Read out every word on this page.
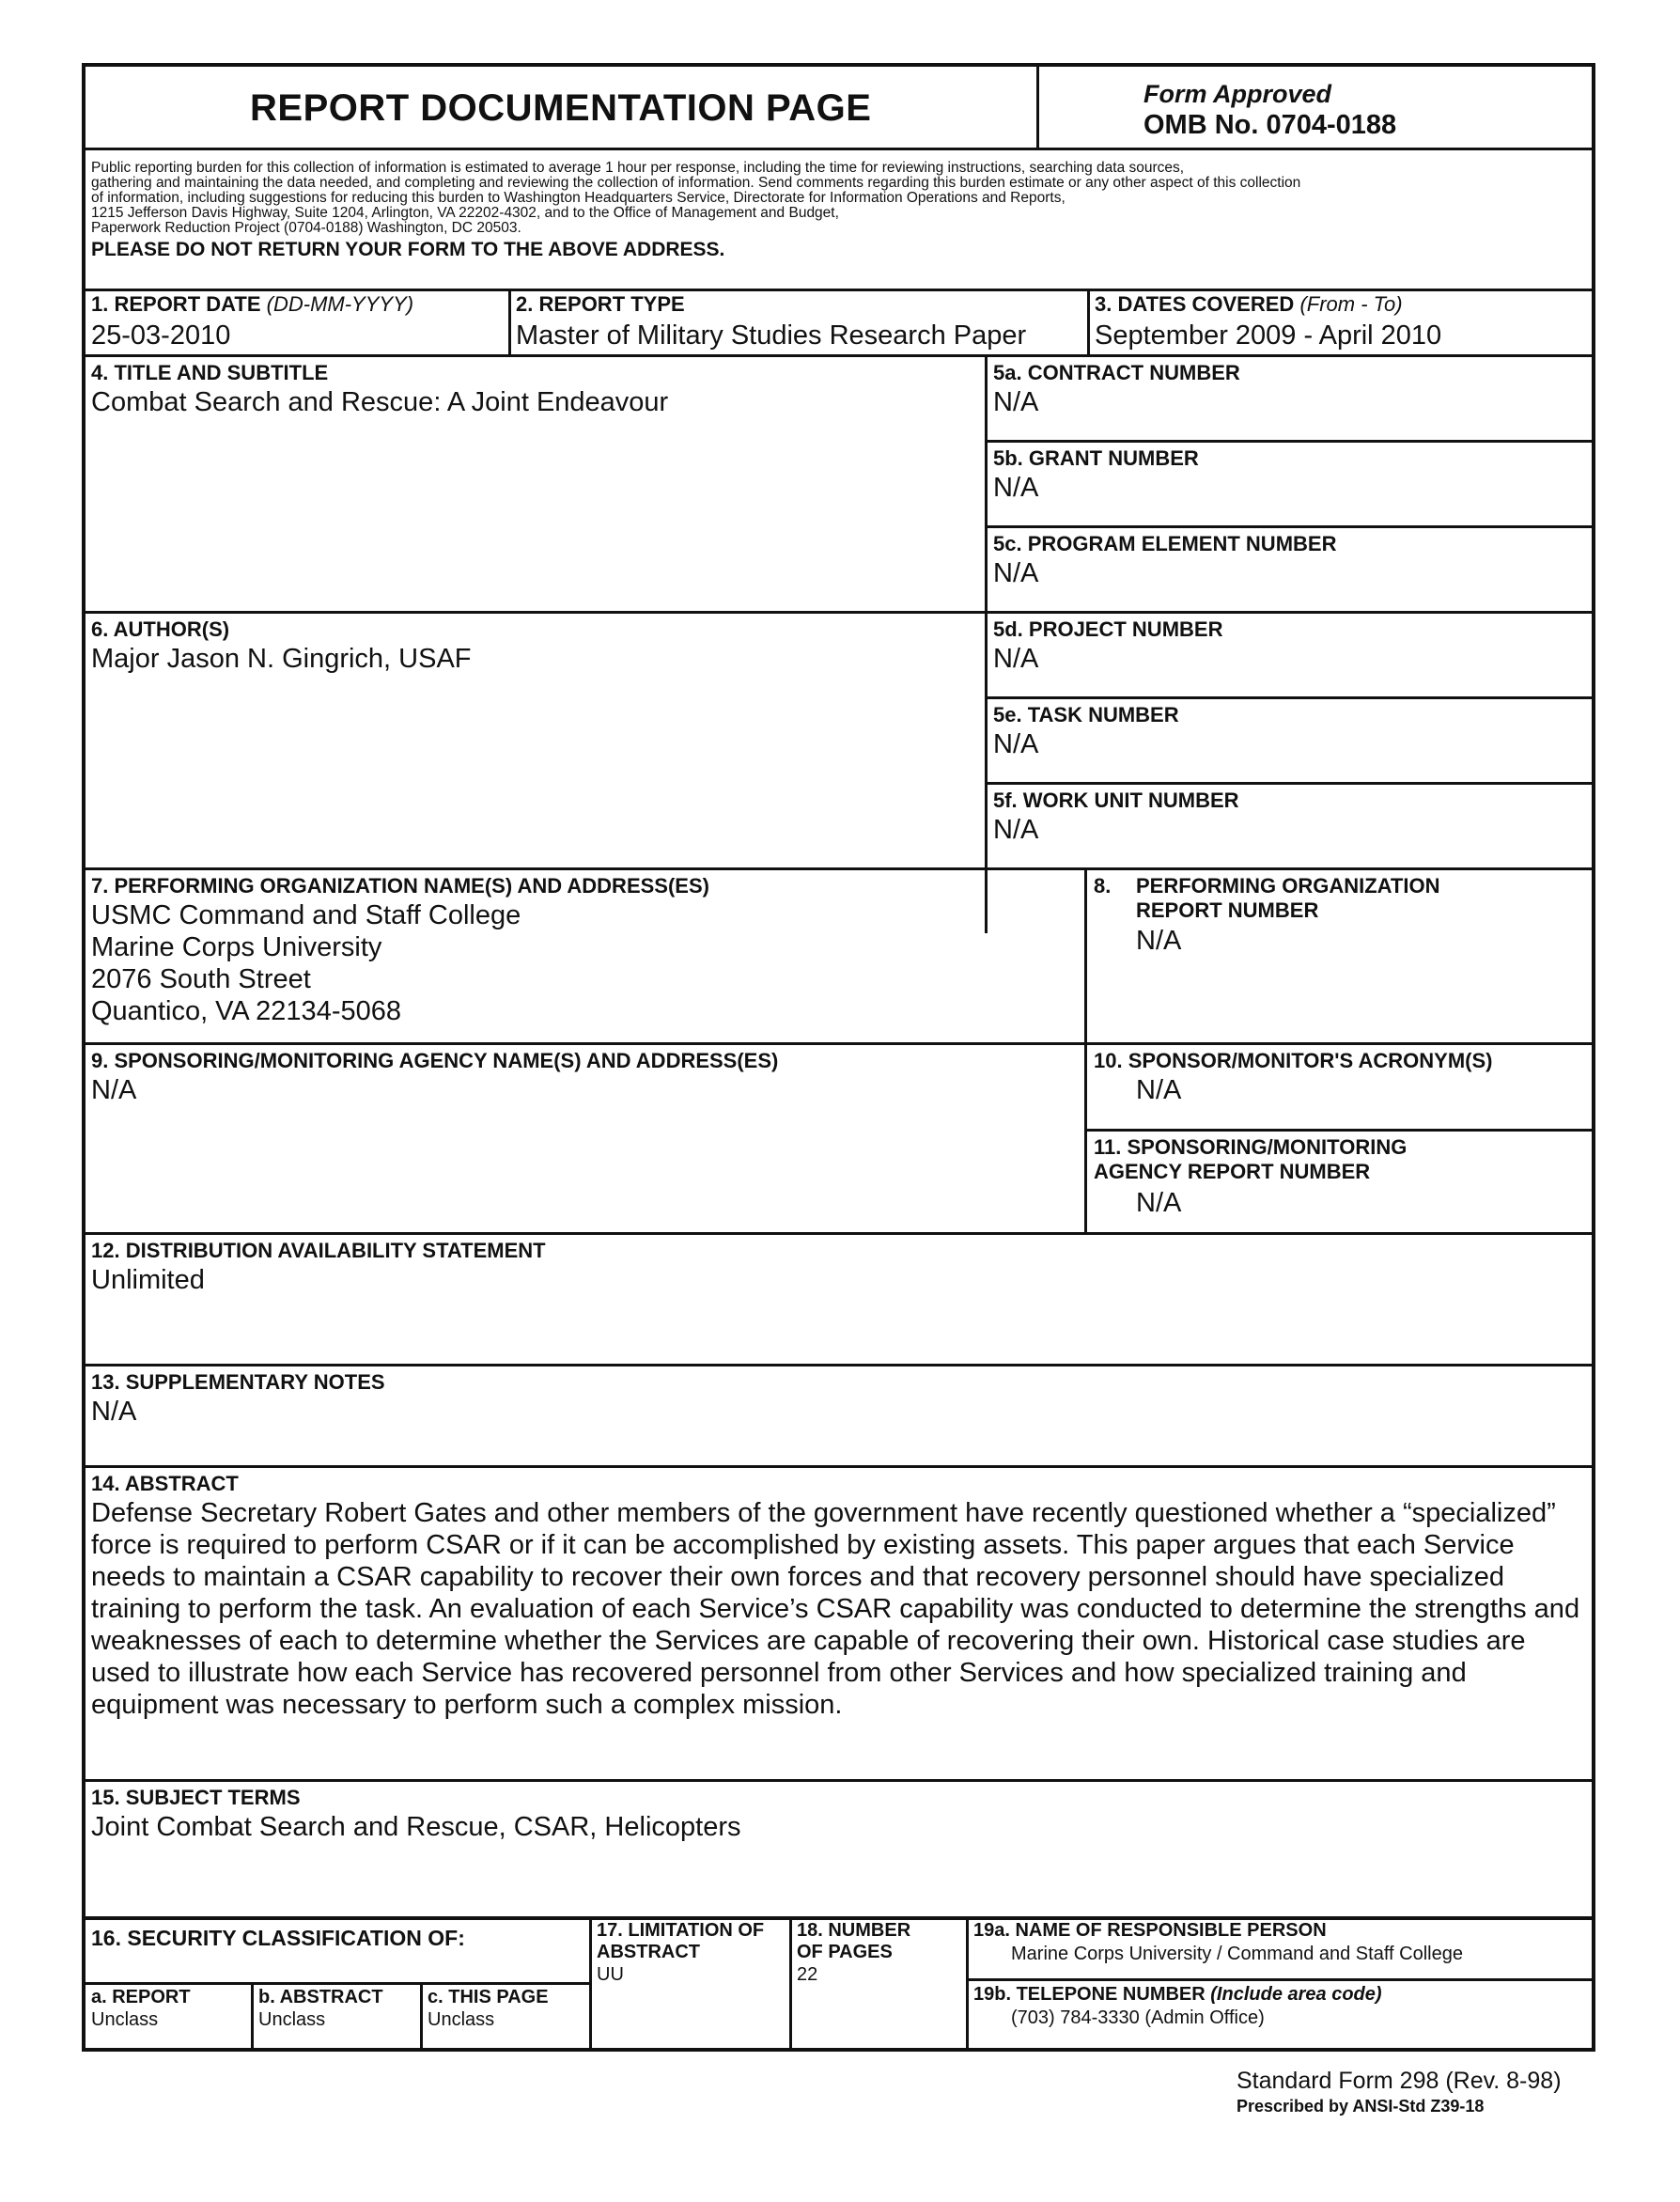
REPORT DOCUMENTATION PAGE	Form Approved
OMB No. 0704-0188
Public reporting burden for this collection of information is estimated to average 1 hour per response, including the time for reviewing instructions, searching data sources,
gathering and maintaining the data needed, and completing and reviewing the collection of information. Send comments regarding this burden estimate or any other aspect of this collection
of information, including suggestions for reducing this burden to Washington Headquarters Service, Directorate for Information Operations and Reports,
1215 Jefferson Davis Highway, Suite 1204, Arlington, VA 22202-4302, and to the Office of Management and Budget,
Paperwork Reduction Project (0704-0188) Washington, DC 20503.
PLEASE DO NOT RETURN YOUR FORM TO THE ABOVE ADDRESS.
1. REPORT DATE (DD-MM-YYYY)
25-03-2010
2. REPORT TYPE
Master of Military Studies Research Paper
3. DATES COVERED (From - To)
September 2009 - April 2010
4. TITLE AND SUBTITLE
Combat Search and Rescue: A Joint Endeavour
5a. CONTRACT NUMBER
N/A
5b. GRANT NUMBER
N/A
5c. PROGRAM ELEMENT NUMBER
N/A
6. AUTHOR(S)
Major Jason N. Gingrich, USAF
5d. PROJECT NUMBER
N/A
5e. TASK NUMBER
N/A
5f. WORK UNIT NUMBER
N/A
7. PERFORMING ORGANIZATION NAME(S) AND ADDRESS(ES)
USMC Command and Staff College
Marine Corps University
2076 South Street
Quantico, VA 22134-5068
8. PERFORMING ORGANIZATION
REPORT NUMBER
N/A
9. SPONSORING/MONITORING AGENCY NAME(S) AND ADDRESS(ES)
N/A
10. SPONSOR/MONITOR'S ACRONYM(S)
N/A
11. SPONSORING/MONITORING
AGENCY REPORT NUMBER
N/A
12. DISTRIBUTION AVAILABILITY STATEMENT
Unlimited
13. SUPPLEMENTARY NOTES
N/A
14. ABSTRACT
Defense Secretary Robert Gates and other members of the government have recently questioned whether a “specialized” force is required to perform CSAR or if it can be accomplished by existing assets. This paper argues that each Service needs to maintain a CSAR capability to recover their own forces and that recovery personnel should have specialized training to perform the task. An evaluation of each Service’s CSAR capability was conducted to determine the strengths and weaknesses of each to determine whether the Services are capable of recovering their own. Historical case studies are used to illustrate how each Service has recovered personnel from other Services and how specialized training and equipment was necessary to perform such a complex mission.
15. SUBJECT TERMS
Joint Combat Search and Rescue, CSAR, Helicopters
16. SECURITY CLASSIFICATION OF:
a. REPORT
Unclass
b. ABSTRACT
Unclass
c. THIS PAGE
Unclass
17. LIMITATION OF
ABSTRACT
UU
18. NUMBER
OF PAGES
22
19a. NAME OF RESPONSIBLE PERSON
Marine Corps University / Command and Staff College
19b. TELEPONE NUMBER (Include area code)
(703) 784-3330 (Admin Office)
Standard Form 298 (Rev. 8-98)
Prescribed by ANSI-Std Z39-18
